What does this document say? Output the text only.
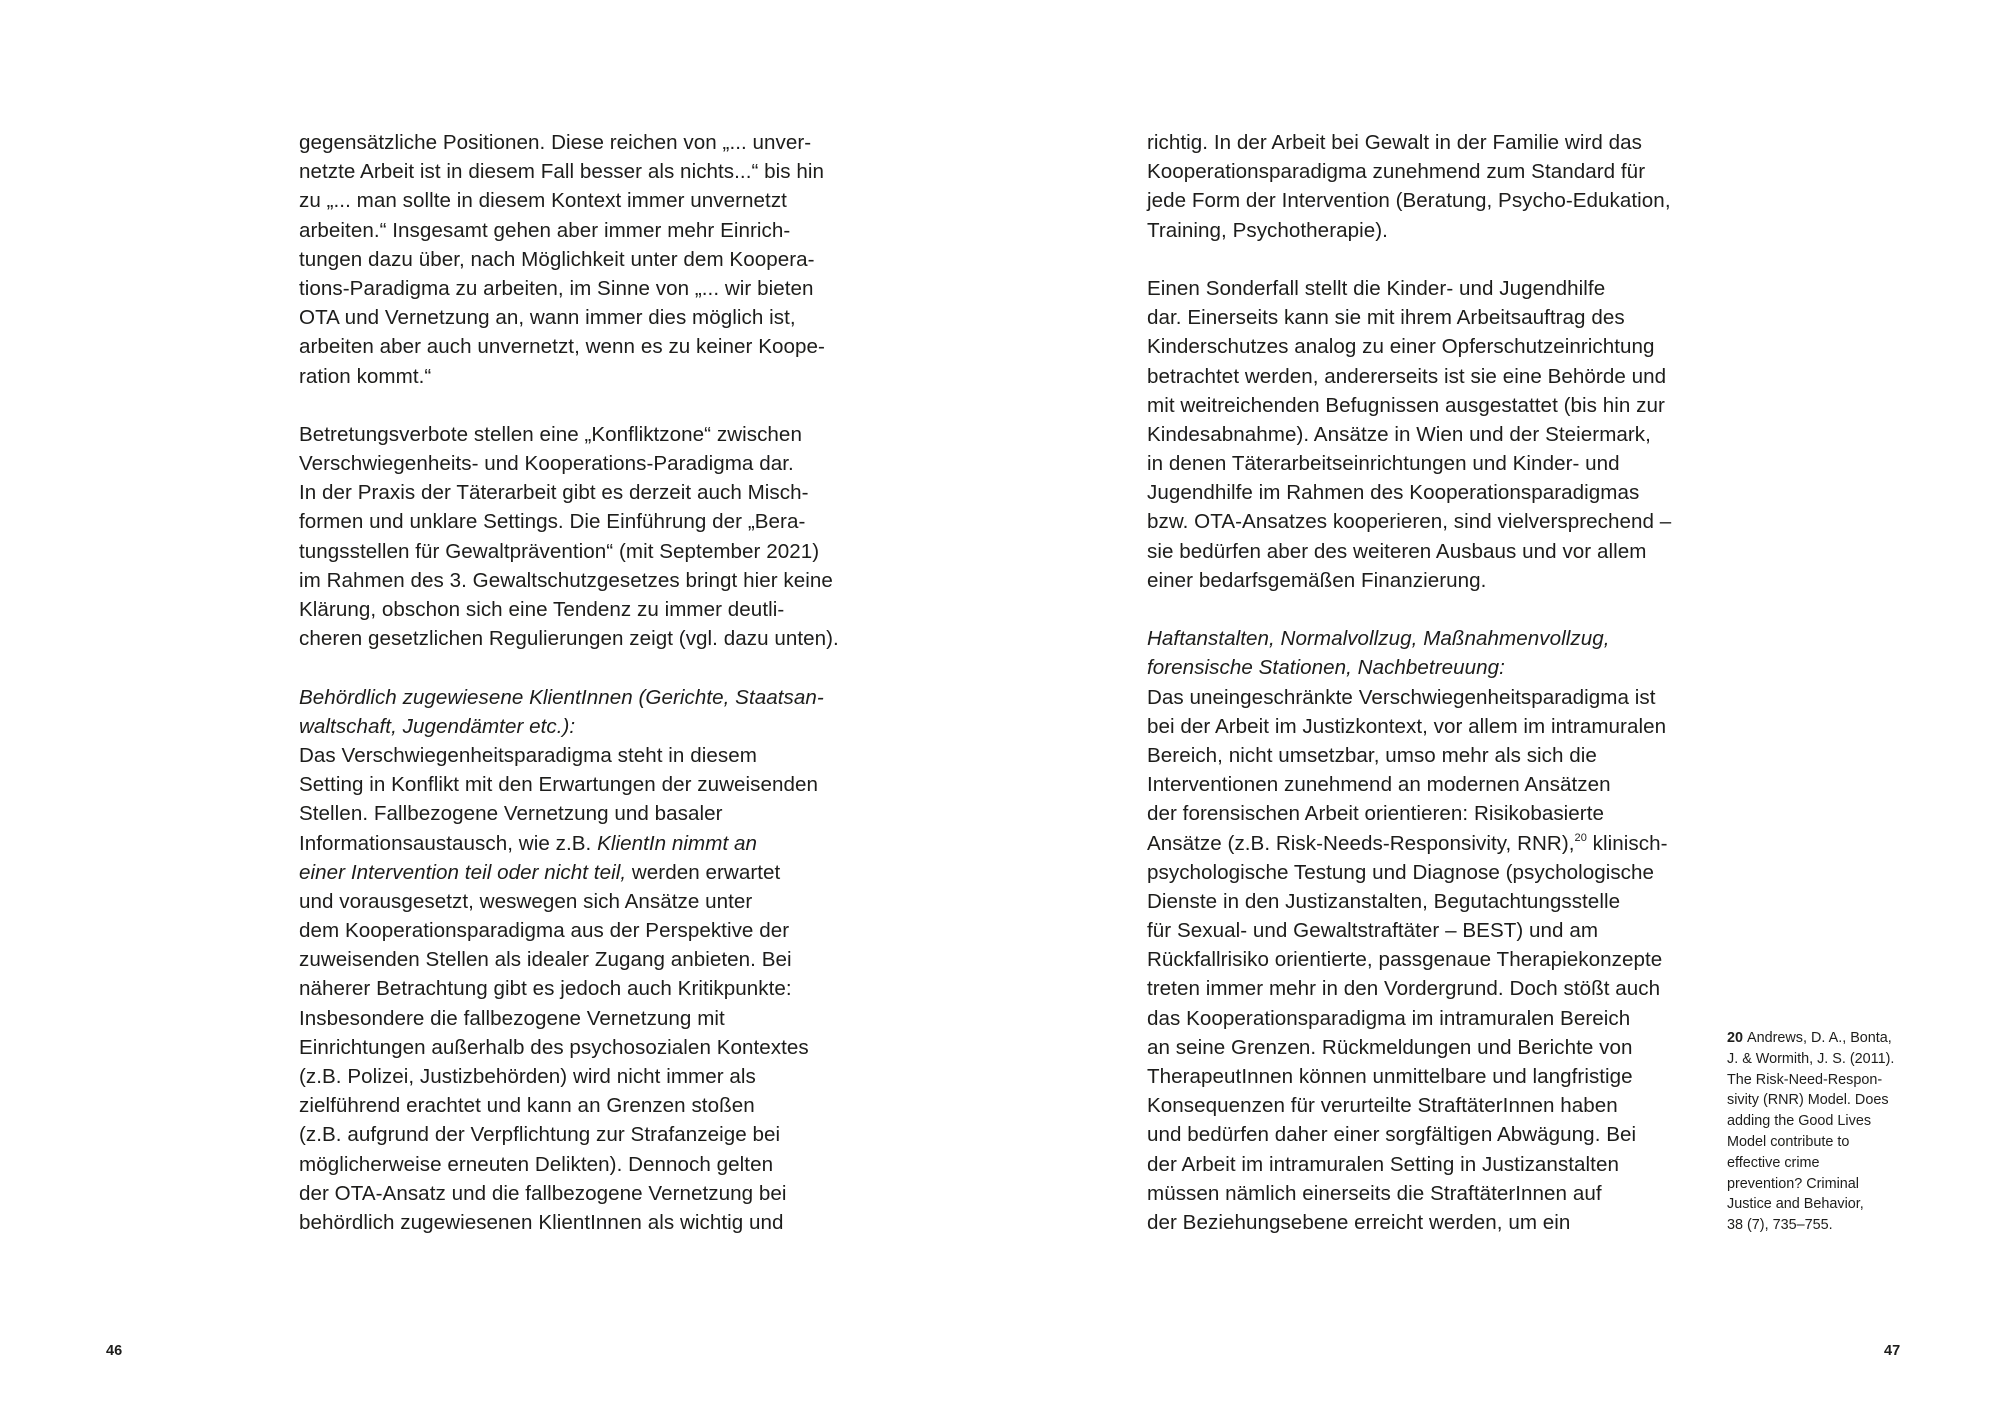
gegensätzliche Positionen. Diese reichen von „... unver-
netzte Arbeit ist in diesem Fall besser als nichts...“ bis hin
zu „... man sollte in diesem Kontext immer unvernetzt
arbeiten.“ Insgesamt gehen aber immer mehr Einrich-
tungen dazu über, nach Möglichkeit unter dem Koopera-
tions-Paradigma zu arbeiten, im Sinne von „... wir bieten
OTA und Vernetzung an, wann immer dies möglich ist,
arbeiten aber auch unvernetzt, wenn es zu keiner Koope-
ration kommt.“
Betretungsverbote stellen eine „Konfliktzone“ zwischen
Verschwiegenheits- und Kooperations-Paradigma dar.
In der Praxis der Täterarbeit gibt es derzeit auch Misch-
formen und unklare Settings. Die Einführung der „Bera-
tungsstellen für Gewaltprävention“ (mit September 2021)
im Rahmen des 3. Gewaltschutzgesetzes bringt hier keine
Klärung, obschon sich eine Tendenz zu immer deutli-
cheren gesetzlichen Regulierungen zeigt (vgl. dazu unten).
Behördlich zugewiesene KlientInnen (Gerichte, Staatsan-
waltschaft, Jugendämter etc.):
Das Verschwiegenheitsparadigma steht in diesem
Setting in Konflikt mit den Erwartungen der zuweisenden
Stellen. Fallbezogene Vernetzung und basaler
Informationsaustausch, wie z.B. KlientIn nimmt an
einer Intervention teil oder nicht teil, werden erwartet
und vorausgesetzt, weswegen sich Ansätze unter
dem Kooperationsparadigma aus der Perspektive der
zuweisenden Stellen als idealer Zugang anbieten. Bei
näherer Betrachtung gibt es jedoch auch Kritikpunkte:
Insbesondere die fallbezogene Vernetzung mit
Einrichtungen außerhalb des psychosozialen Kontextes
(z.B. Polizei, Justizbehörden) wird nicht immer als
zielführend erachtet und kann an Grenzen stoßen
(z.B. aufgrund der Verpflichtung zur Strafanzeige bei
möglicherweise erneuten Delikten). Dennoch gelten
der OTA-Ansatz und die fallbezogene Vernetzung bei
behördlich zugewiesenen KlientInnen als wichtig und
46
richtig. In der Arbeit bei Gewalt in der Familie wird das
Kooperationsparadigma zunehmend zum Standard für
jede Form der Intervention (Beratung, Psycho-Edukation,
Training, Psychotherapie).
Einen Sonderfall stellt die Kinder- und Jugendhilfe
dar. Einerseits kann sie mit ihrem Arbeitsauftrag des
Kinderschutzes analog zu einer Opferschutzeinrichtung
betrachtet werden, andererseits ist sie eine Behörde und
mit weitreichenden Befugnissen ausgestattet (bis hin zur
Kindesabnahme). Ansätze in Wien und der Steiermark,
in denen Täterarbeitseinrichtungen und Kinder- und
Jugendhilfe im Rahmen des Kooperationsparadigmas
bzw. OTA-Ansatzes kooperieren, sind vielversprechend –
sie bedürfen aber des weiteren Ausbaus und vor allem
einer bedarfsgemäßen Finanzierung.
Haftanstalten, Normalvollzug, Maßnahmenvollzug,
forensische Stationen, Nachbetreuung:
Das uneingeschränkte Verschwiegenheitsparadigma ist
bei der Arbeit im Justizkontext, vor allem im intramuralen
Bereich, nicht umsetzbar, umso mehr als sich die
Interventionen zunehmend an modernen Ansätzen
der forensischen Arbeit orientieren: Risikobasierte
Ansätze (z.B. Risk-Needs-Responsivity, RNR),$^{20}$ klinisch-
psychologische Testung und Diagnose (psychologische
Dienste in den Justizanstalten, Begutachtungsstelle
für Sexual- und Gewaltstraftäter – BEST) und am
Rückfallrisiko orientierte, passgenaue Therapiekonzepte
treten immer mehr in den Vordergrund. Doch stößt auch
das Kooperationsparadigma im intramuralen Bereich
an seine Grenzen. Rückmeldungen und Berichte von
TherapeutInnen können unmittelbare und langfristige
Konsequenzen für verurteilte StraftäterInnen haben
und bedürfen daher einer sorgfältigen Abwägung. Bei
der Arbeit im intramuralen Setting in Justizanstalten
müssen nämlich einerseits die StraftäterInnen auf
der Beziehungsebene erreicht werden, um ein
20 Andrews, D. A., Bonta,
J. & Wormith, J. S. (2011).
The Risk-Need-Respon-
sivity (RNR) Model. Does
adding the Good Lives
Model contribute to
effective crime
prevention? Criminal
Justice and Behavior,
38 (7), 735–755.
47
